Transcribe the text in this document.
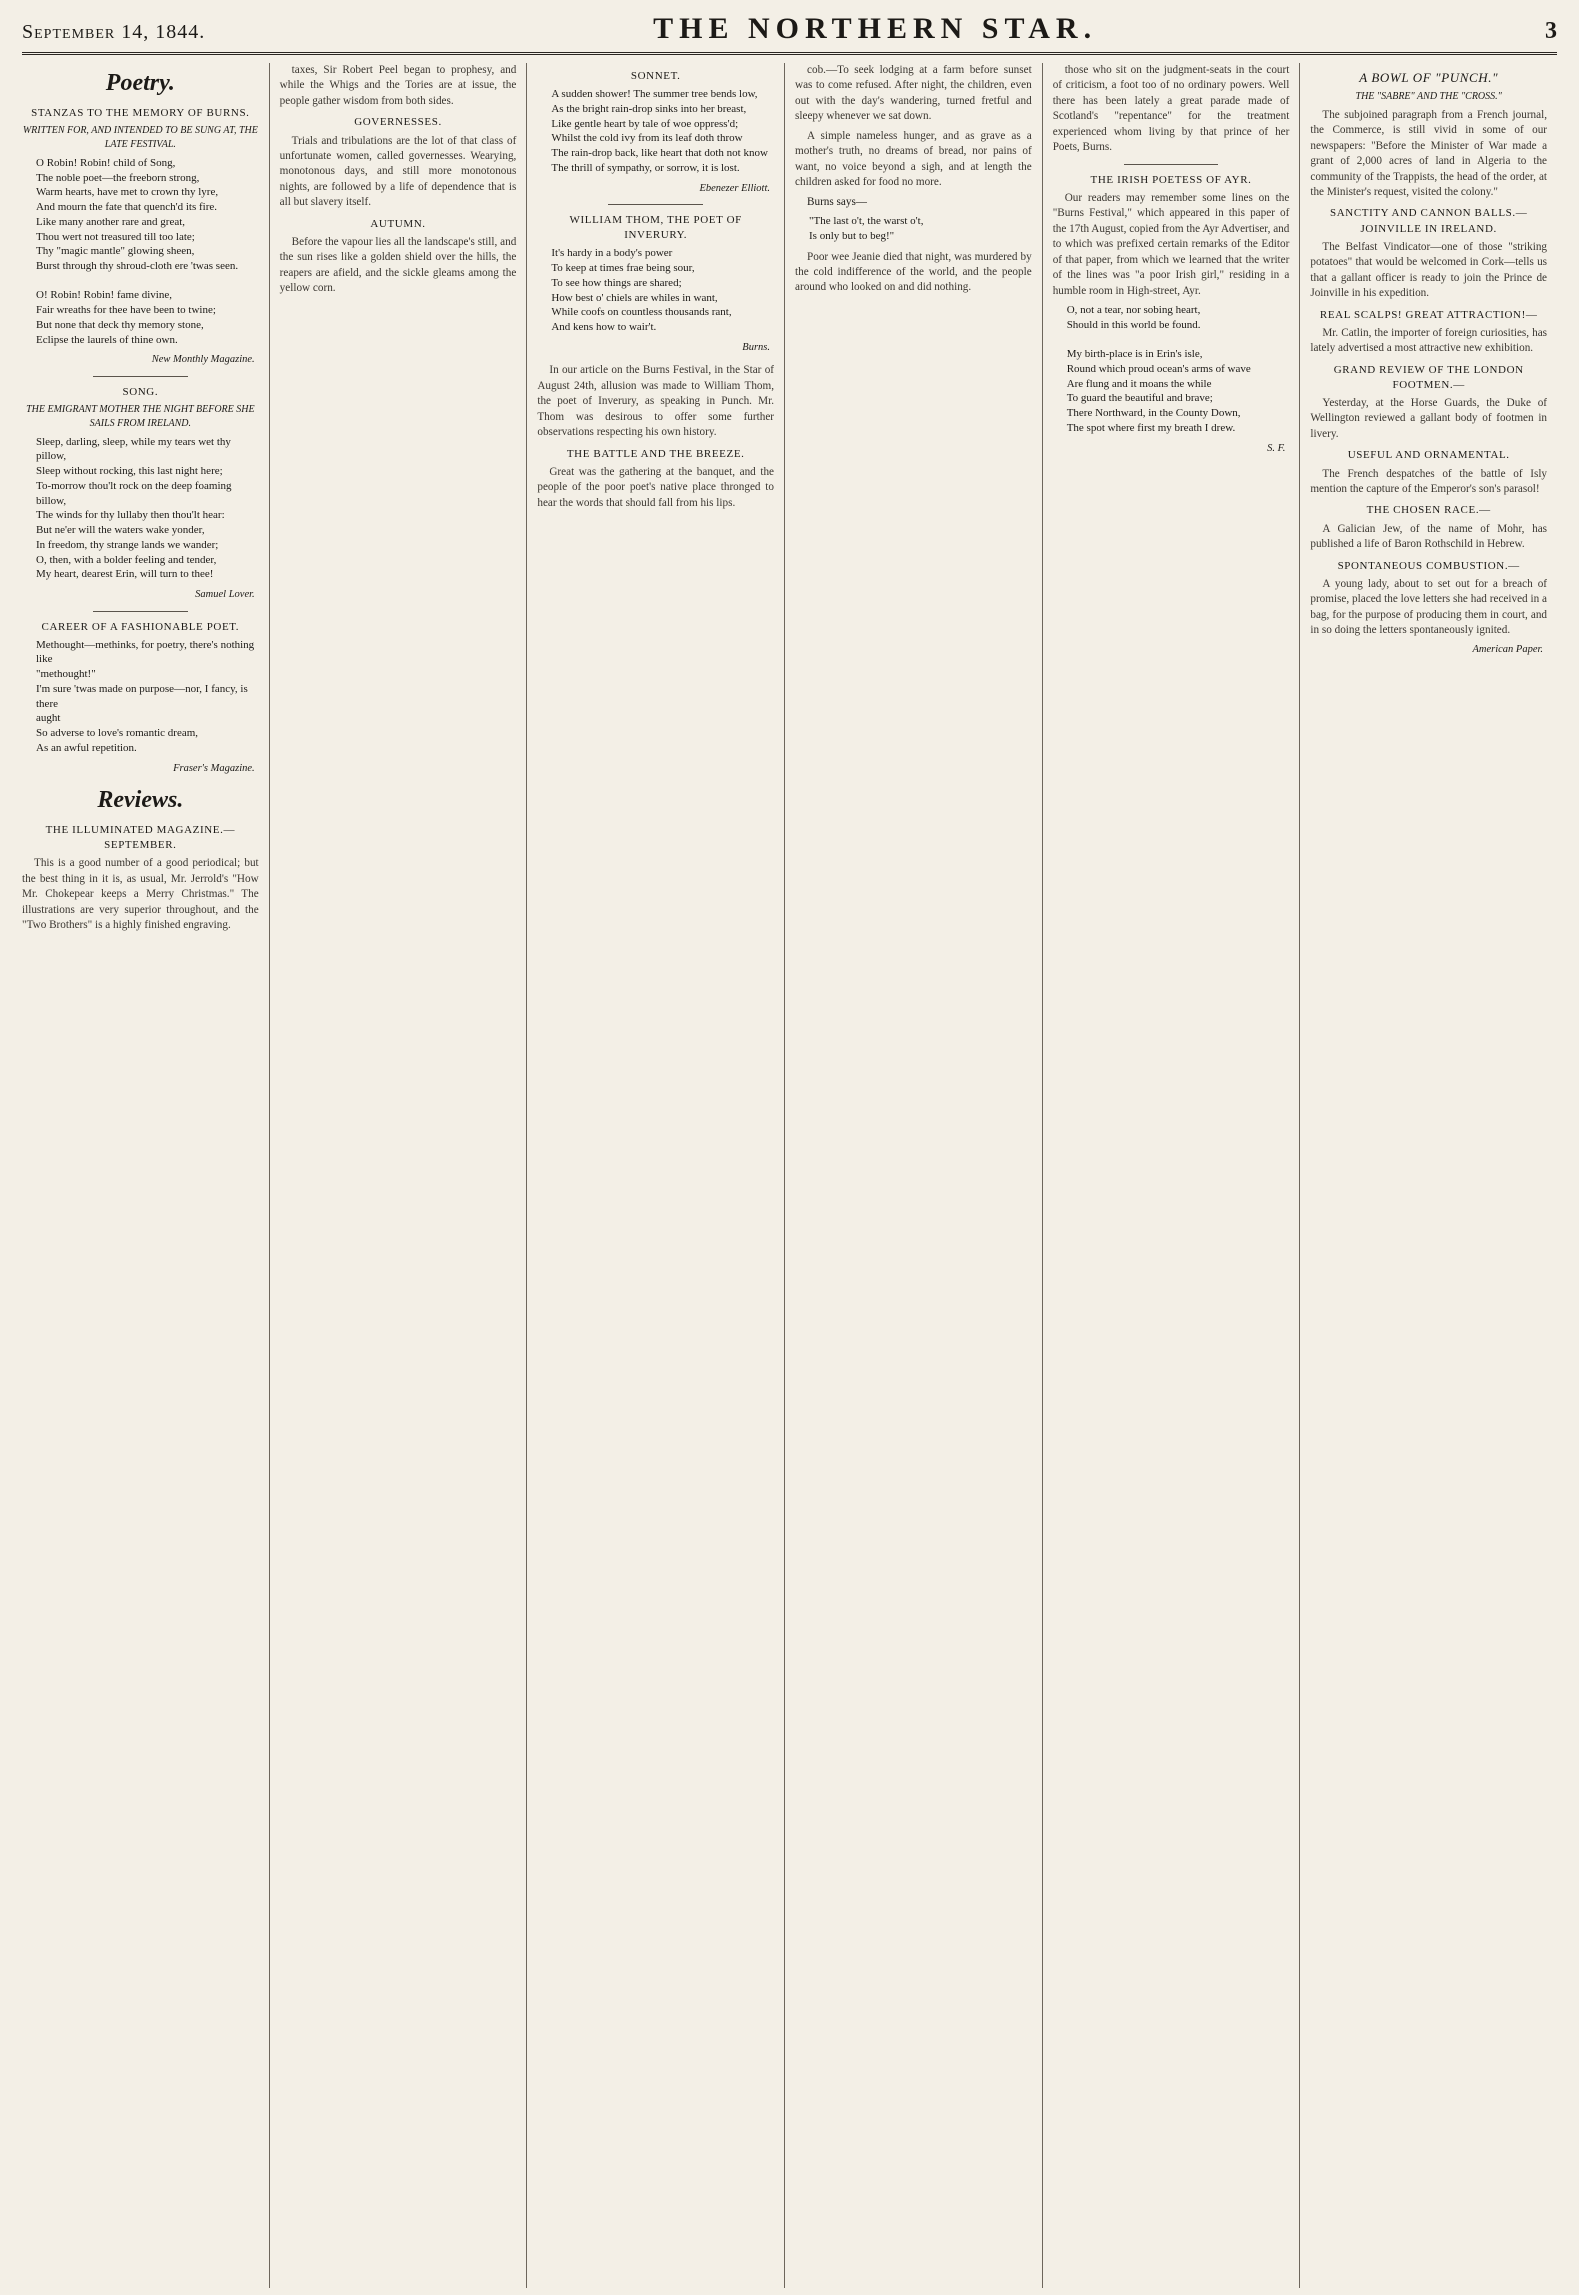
September 14, 1844.	THE NORTHERN STAR.	3
Poetry.
STANZAS TO THE MEMORY OF BURNS.
WRITTEN FOR, AND INTENDED TO BE SUNG AT, THE LATE FESTIVAL.
O Robin! Robin! child of Song,
The noble poet—the freeborn strong,
Warm hearts, have met to crown thy lyre,
And mourn the fate that quench'd its fire.
Like many another rare and great,
Thou wert not treasured till too late;
Thy "magic mantle" glowing sheen,
Burst through thy shroud-cloth ere 'twas seen.

O! Robin! Robin! fame divine,
Fair wreaths for thee have been to twine;
But none that deck thy memory stone,
Eclipse the laurels of thine own.
New Monthly Magazine.
SONG.
THE EMIGRANT MOTHER THE NIGHT BEFORE SHE SAILS FROM IRELAND.
Sleep, darling, sleep, while my tears wet thy pillow,
Sleep without rocking, this last night here;
To-morrow thou'lt rock on the deep foaming billow,
The winds for thy lullaby then thou'lt hear:
But ne'er will the waters wake yonder,
In freedom, thy strange lands we wander;
O, then, with a bolder feeling and tender,
My heart, dearest Erin, will turn to thee!
Samuel Lover.
CAREER OF A FASHIONABLE POET.
Methought—methinks, for poetry, there's nothing like
"methought!"
I'm sure 'twas made on purpose—nor, I fancy, is there
aught
So adverse to love's romantic dream,
As an awful repetition.
Fraser's Magazine.
Reviews.
THE ILLUMINATED MAGAZINE.—SEPTEMBER.

This is a good number of a good periodical; but the best thing in it is, as usual, Mr. Jerrold's "How Mr. Chokepear keeps a Merry Christmas." The illustrations are very superior throughout, and the "Two Brothers" is a highly finished engraving.

taxes, Sir Robert Peel began to prophesy, and while the Whigs and the Tories are at issue, the people gather wisdom from both sides.

GOVERNESSES.

Trials and tribulations are the lot of that class of unfortunate women, called governesses. Wearying, monotonous days, and still more monotonous nights, are followed by a life of dependence that is all but slavery itself.

AUTUMN.

Before the vapour lies all the landscape's still, and the sun rises like a golden shield over the hills, the reapers are afield, and the sickle gleams among the yellow corn.

SONNET.
A sudden shower! The summer tree bends low,
As the bright rain-drop sinks into her breast,
Like gentle heart by tale of woe oppress'd;
Whilst the cold ivy from its leaf doth throw
The rain-drop back, like heart that doth not know
The thrill of sympathy, or sorrow, it is lost.
Ebenezer Elliott.
WILLIAM THOM, THE POET OF INVERURY.
It's hardy in a body's power
To keep at times frae being sour,
To see how things are shared;
How best o' chiels are whiles in want,
While coofs on countless thousands rant,
And kens how to wair't.
Burns.

In our article on the Burns Festival, in the Star of August 24th, allusion was made to William Thom, the poet of Inverury, as speaking in Punch. Mr. Thom was desirous to offer some further observations respecting his own history.

THE BATTLE AND THE BREEZE.

Great was the gathering at the banquet, and the people of the poor poet's native place thronged to hear the words that should fall from his lips.

cob.—To seek lodging at a farm before sunset was to come refused. After night, the children, even out with the day's wandering, turned fretful and sleepy whenever we sat down.

A simple nameless hunger, and as grave as a mother's truth, no dreams of bread, nor pains of want, no voice beyond a sigh, and at length the children asked for food no more.

Burns says—

"The last o't, the warst o't,
Is only but to beg!"

Poor wee Jeanie died that night, was murdered by the cold indifference of the world, and the people around who looked on and did nothing.

those who sit on the judgment-seats in the court of criticism, a foot too of no ordinary powers. Well there has been lately a great parade made of Scotland's "repentance" for the treatment experienced whom living by that prince of her Poets, Burns.

THE IRISH POETESS OF AYR.

Our readers may remember some lines on the "Burns Festival," which appeared in this paper of the 17th August, copied from the Ayr Advertiser, and to which was prefixed certain remarks of the Editor of that paper, from which we learned that the writer of the lines was "a poor Irish girl," residing in a humble room in High-street, Ayr.

O, not a tear, nor sobing heart,
Should in this world be found.

My birth-place is in Erin's isle,
Round which proud ocean's arms of wave
Are flung and it moans the while
To guard the beautiful and brave;
There Northward, in the County Down,
The spot where first my breath I drew.
S. F.
A BOWL OF "PUNCH."
THE "SABRE" AND THE "CROSS."

The subjoined paragraph from a French journal, the Commerce, is still vivid in some of our newspapers: "Before the Minister of War made a grant of 2,000 acres of land in Algeria to the community of the Trappists, the head of the order, at the Minister's request, visited the colony."

SANCTITY AND CANNON BALLS.—JOINVILLE IN IRELAND.

The Belfast Vindicator—one of those "striking potatoes" that would be welcomed in Cork—tells us that a gallant officer is ready to join the Prince de Joinville in his expedition.

REAL SCALPS! GREAT ATTRACTION!—

Mr. Catlin, the importer of foreign curiosities, has lately advertised a most attractive new exhibition.

GRAND REVIEW OF THE LONDON FOOTMEN.—

Yesterday, at the Horse Guards, the Duke of Wellington reviewed a gallant body of footmen in livery.

USEFUL AND ORNAMENTAL.

The French despatches of the battle of Isly mention the capture of the Emperor's son's parasol!

THE CHOSEN RACE.—

A Galician Jew, of the name of Mohr, has published a life of Baron Rothschild in Hebrew.

SPONTANEOUS COMBUSTION.—

A young lady, about to set out for a breach of promise, placed the love letters she had received in a bag, for the purpose of producing them in court, and in so doing the letters spontaneously ignited.

American Paper.
